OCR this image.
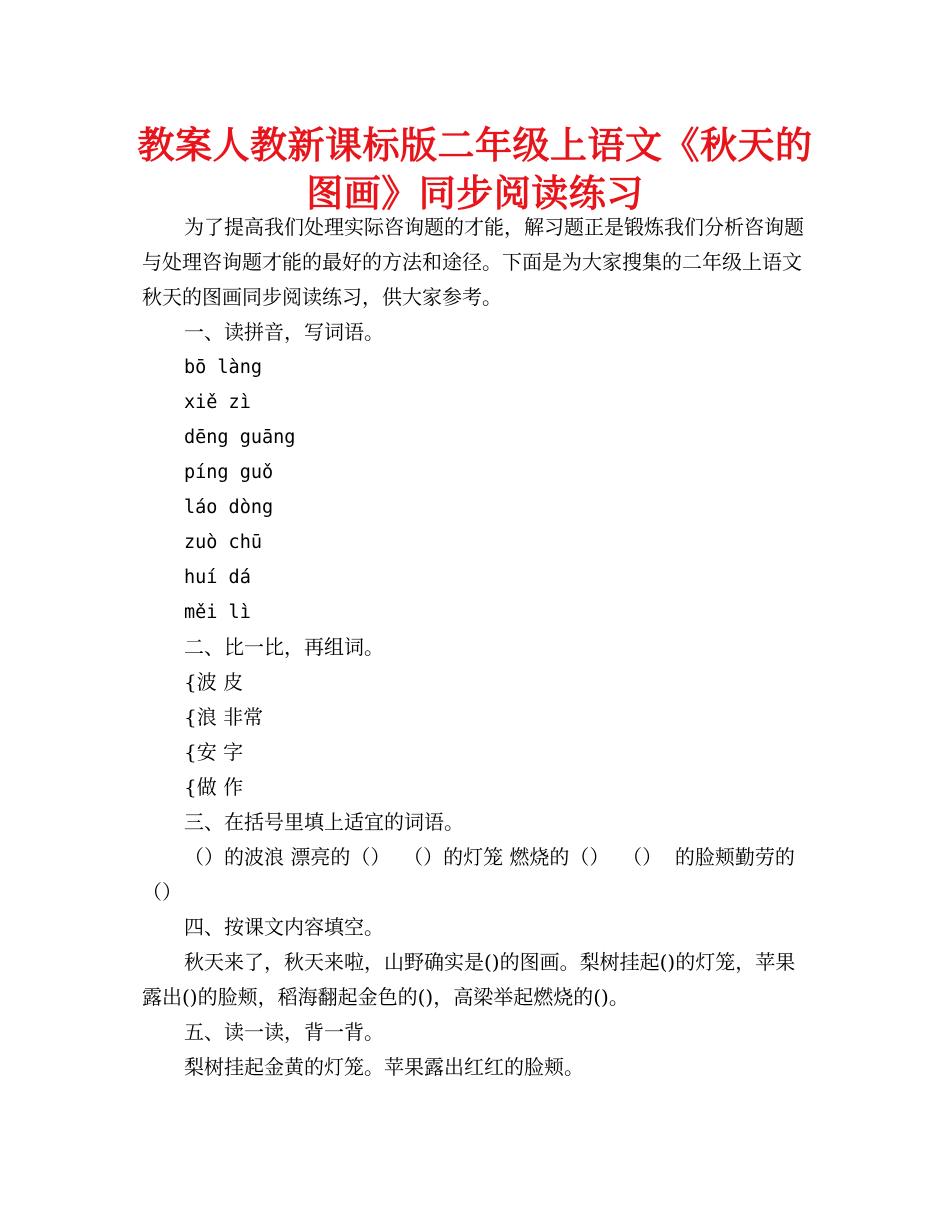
教案人教新课标版二年级上语文《秋天的
图画》同步阅读练习

为了提高我们处理实际咨询题的才能，解习题正是锻炼我们分析咨询题与处理咨询题才能的最好的方法和途径。下面是为大家搜集的二年级上语文秋天的图画同步阅读练习，供大家参考。

一、读拼音，写词语。

bō làng

xiě zì

dēng guāng

píng guǒ

láo dòng

zuò chū

huí dá

měi lì

二、比一比，再组词。

{波 皮

{浪 非常

{安 字

{做 作

三、在括号里填上适宜的词语。

（）的波浪 漂亮的（）  （）的灯笼 燃烧的（）  （）  的脸颊勤劳的（）

四、按课文内容填空。

秋天来了，秋天来啦，山野确实是()的图画。梨树挂起()的灯笼，苹果露出()的脸颊，稻海翻起金色的()，高梁举起燃烧的()。

五、读一读，背一背。

梨树挂起金黄的灯笼。苹果露出红红的脸颊。
